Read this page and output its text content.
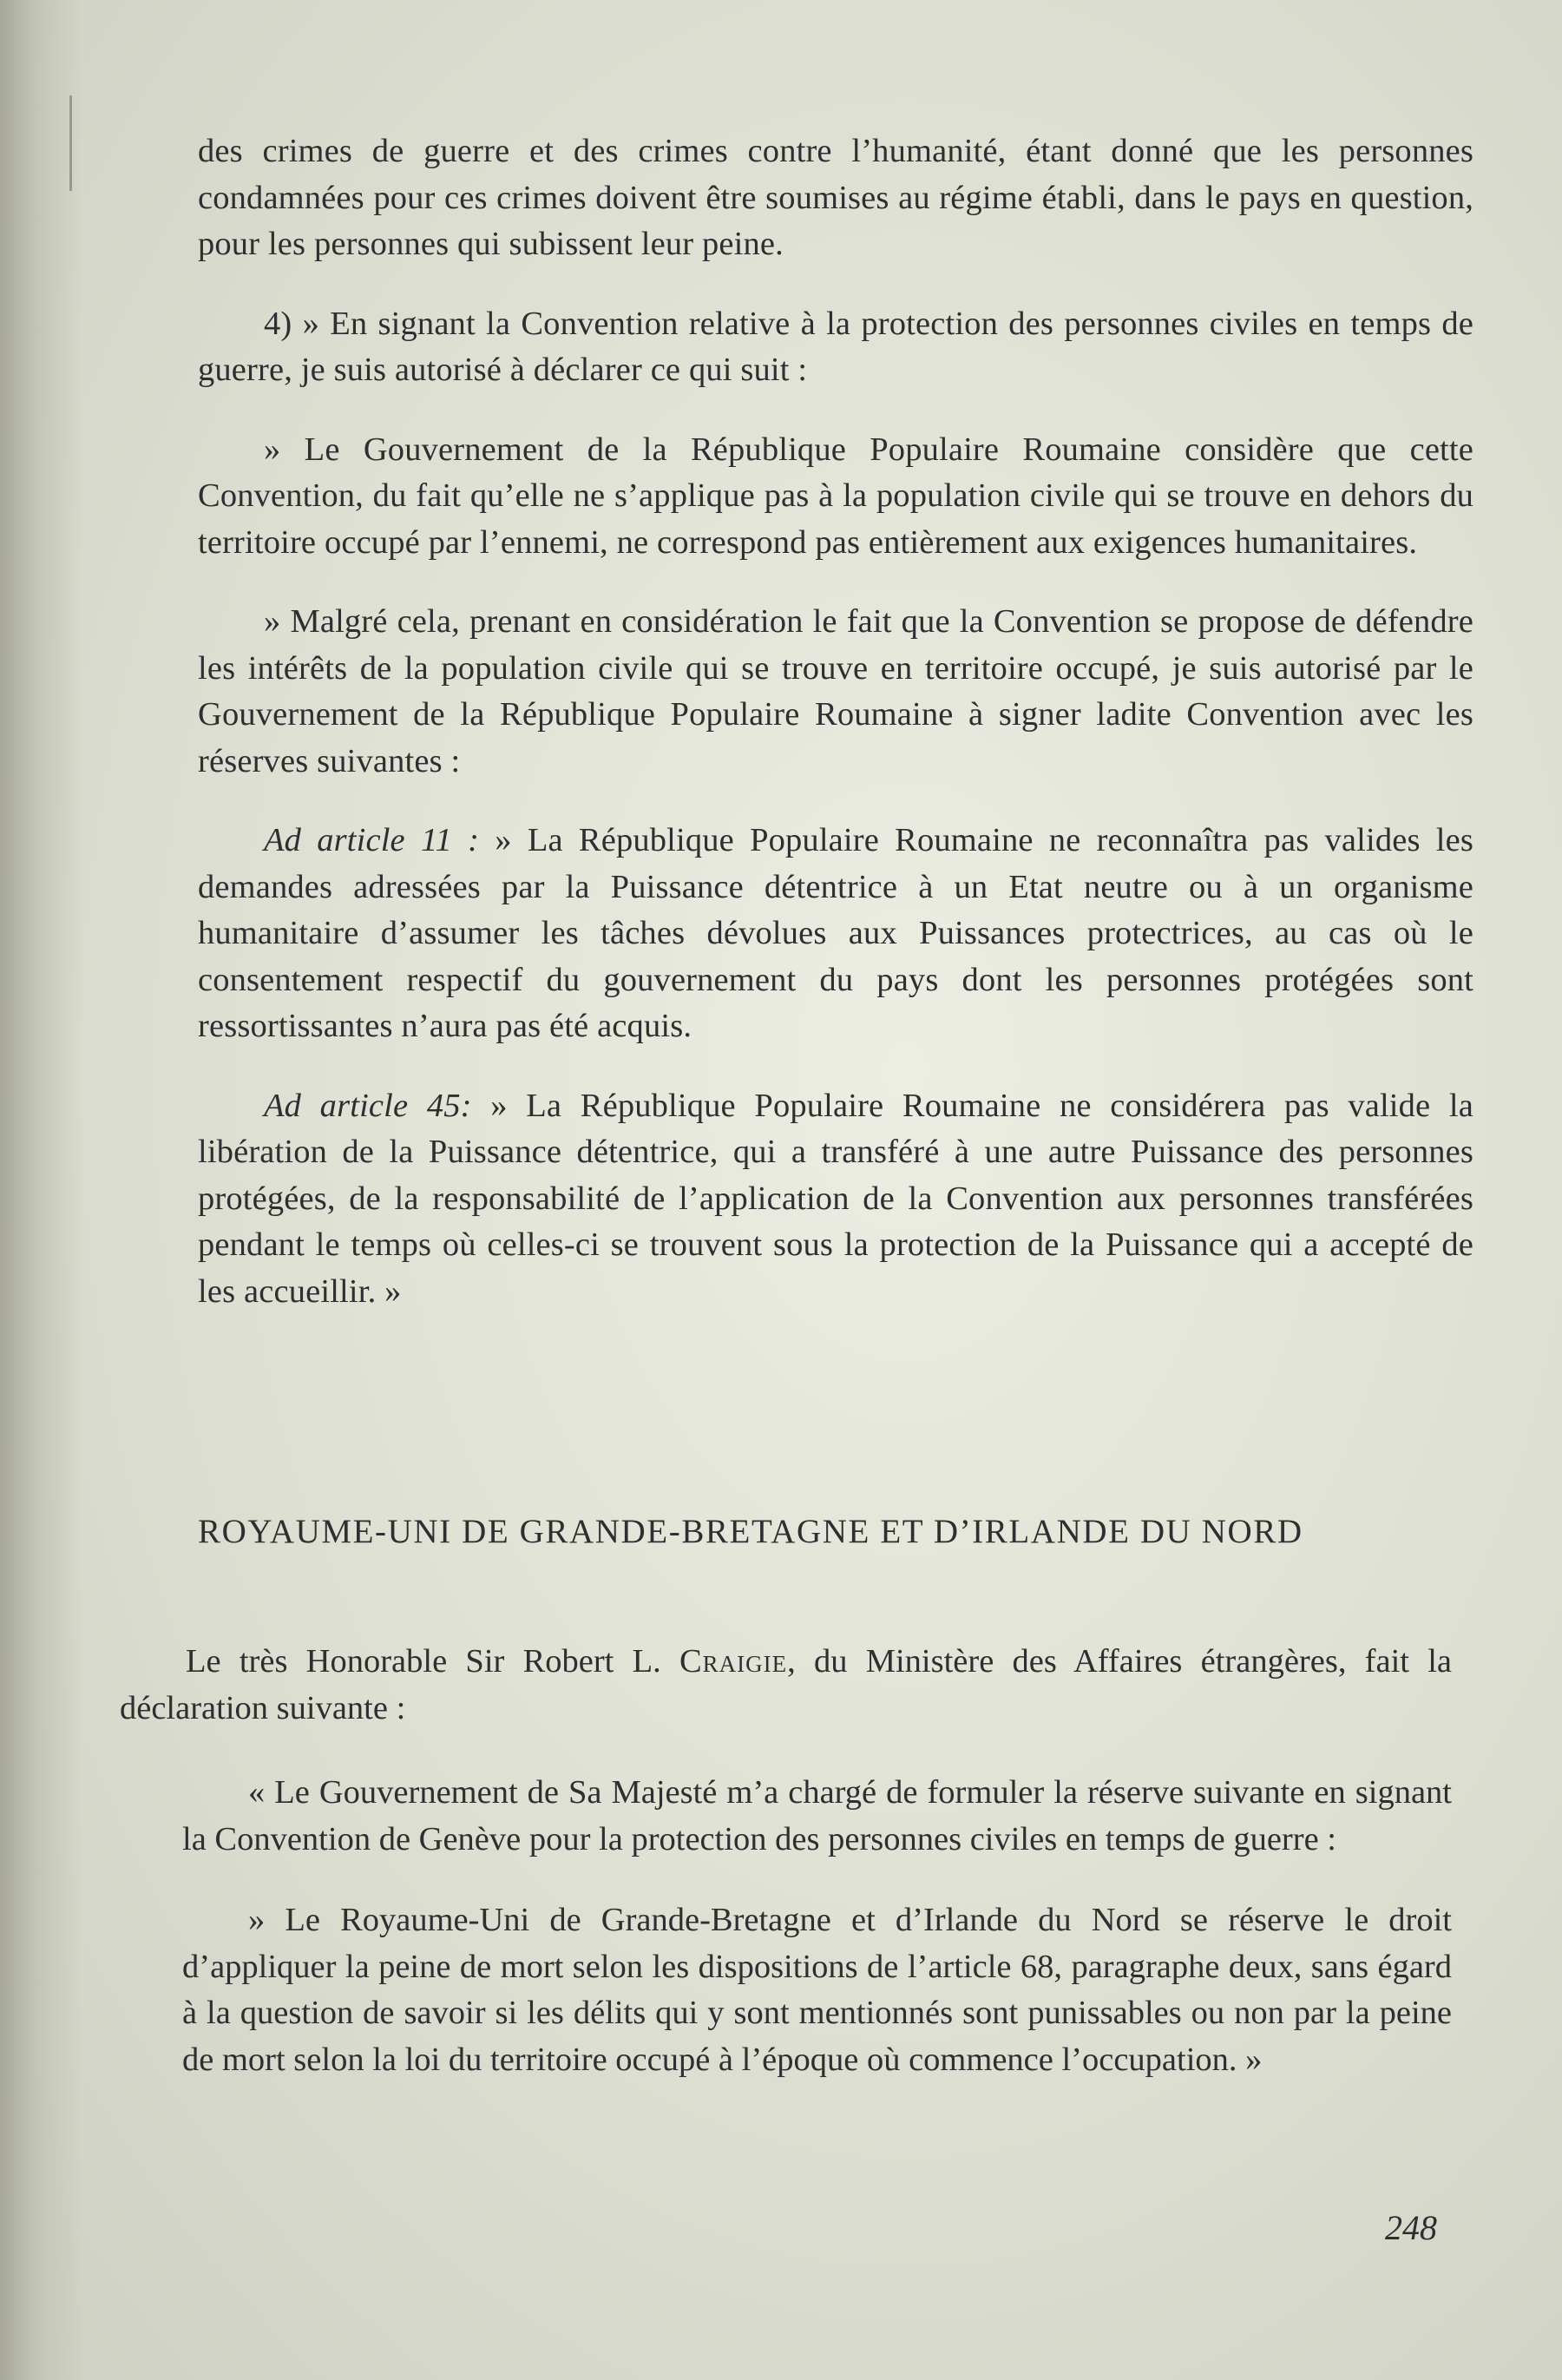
des crimes de guerre et des crimes contre l’humanité, étant donné que les personnes condamnées pour ces crimes doivent être soumises au régime établi, dans le pays en question, pour les personnes qui subissent leur peine.

4) » En signant la Convention relative à la protection des personnes civiles en temps de guerre, je suis autorisé à déclarer ce qui suit :

» Le Gouvernement de la République Populaire Roumaine considère que cette Convention, du fait qu’elle ne s’applique pas à la population civile qui se trouve en dehors du territoire occupé par l’ennemi, ne correspond pas entièrement aux exigences humanitaires.

» Malgré cela, prenant en considération le fait que la Convention se propose de défendre les intérêts de la population civile qui se trouve en territoire occupé, je suis autorisé par le Gouvernement de la République Populaire Roumaine à signer ladite Convention avec les réserves suivantes :

Ad article 11 : » La République Populaire Roumaine ne reconnaîtra pas valides les demandes adressées par la Puissance détentrice à un Etat neutre ou à un organisme humanitaire d’assumer les tâches dévolues aux Puissances protectrices, au cas où le consentement respectif du gouvernement du pays dont les personnes protégées sont ressortissantes n’aura pas été acquis.

Ad article 45: » La République Populaire Roumaine ne considérera pas valide la libération de la Puissance détentrice, qui a transféré à une autre Puissance des personnes protégées, de la responsabilité de l’application de la Convention aux personnes transférées pendant le temps où celles-ci se trouvent sous la protection de la Puissance qui a accepté de les accueillir. »

ROYAUME-UNI DE GRANDE-BRETAGNE ET D’IRLANDE DU NORD

Le très Honorable Sir Robert L. Craigie, du Ministère des Affaires étrangères, fait la déclaration suivante :

« Le Gouvernement de Sa Majesté m’a chargé de formuler la réserve suivante en signant la Convention de Genève pour la protection des personnes civiles en temps de guerre :

» Le Royaume-Uni de Grande-Bretagne et d’Irlande du Nord se réserve le droit d’appliquer la peine de mort selon les dispositions de l’article 68, paragraphe deux, sans égard à la question de savoir si les délits qui y sont mentionnés sont punissables ou non par la peine de mort selon la loi du territoire occupé à l’époque où commence l’occupation. »

248
